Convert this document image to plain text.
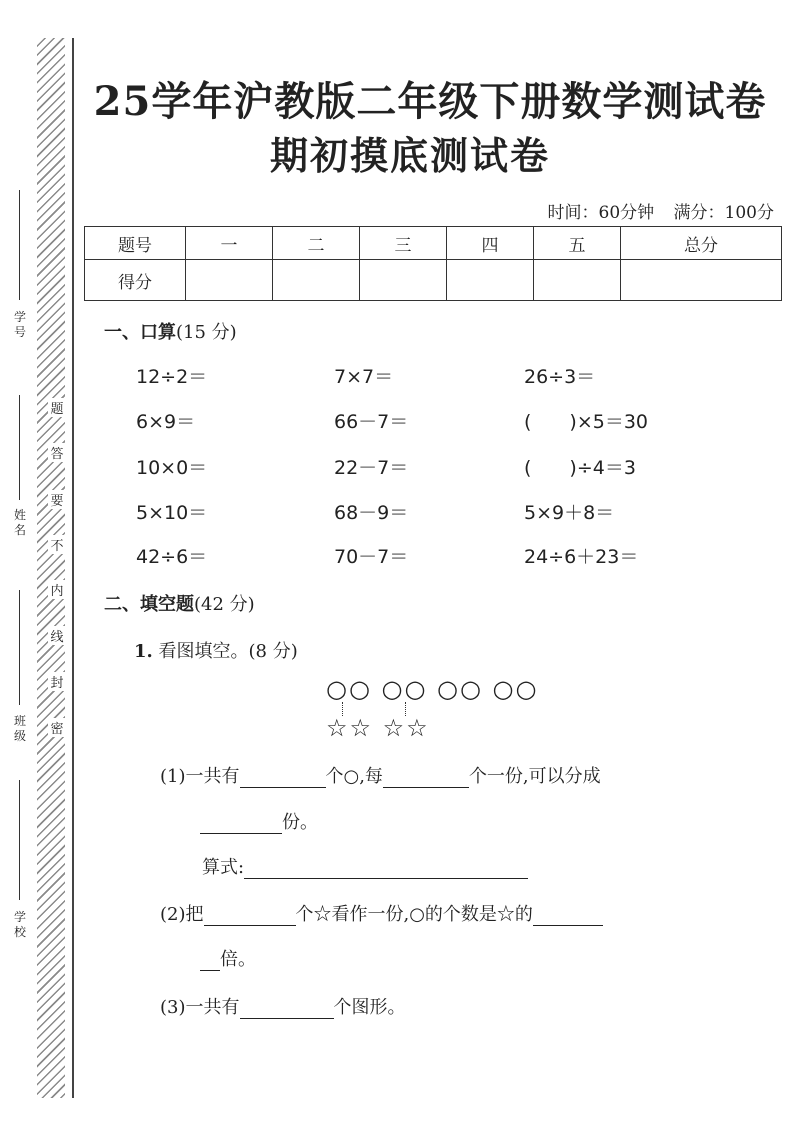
学号
姓名
班级
学校
题
答
要
不
内
线
封
密
25学年沪教版二年级下册数学测试卷
期初摸底测试卷
时间：60分钟 满分：100分
题号	一	二	三	四	五	总分
得分						
一、口算(15 分)
12÷2＝	7×7＝	26÷3＝
6×9＝	66－7＝	(　　)×5＝30
10×0＝	22－7＝	(　　)÷4＝3
5×10＝	68－9＝	5×9＋8＝
42÷6＝	70－7＝	24÷6＋23＝
二、填空题(42 分)
1. 看图填空。(8 分)
○○ ○○ ○○ ○○
☆☆ ☆☆
(1)一共有	个○,每	个一份,可以分成
份。
算式:
(2)把	个☆看作一份,○的个数是☆的
倍。
(3)一共有	个图形。
